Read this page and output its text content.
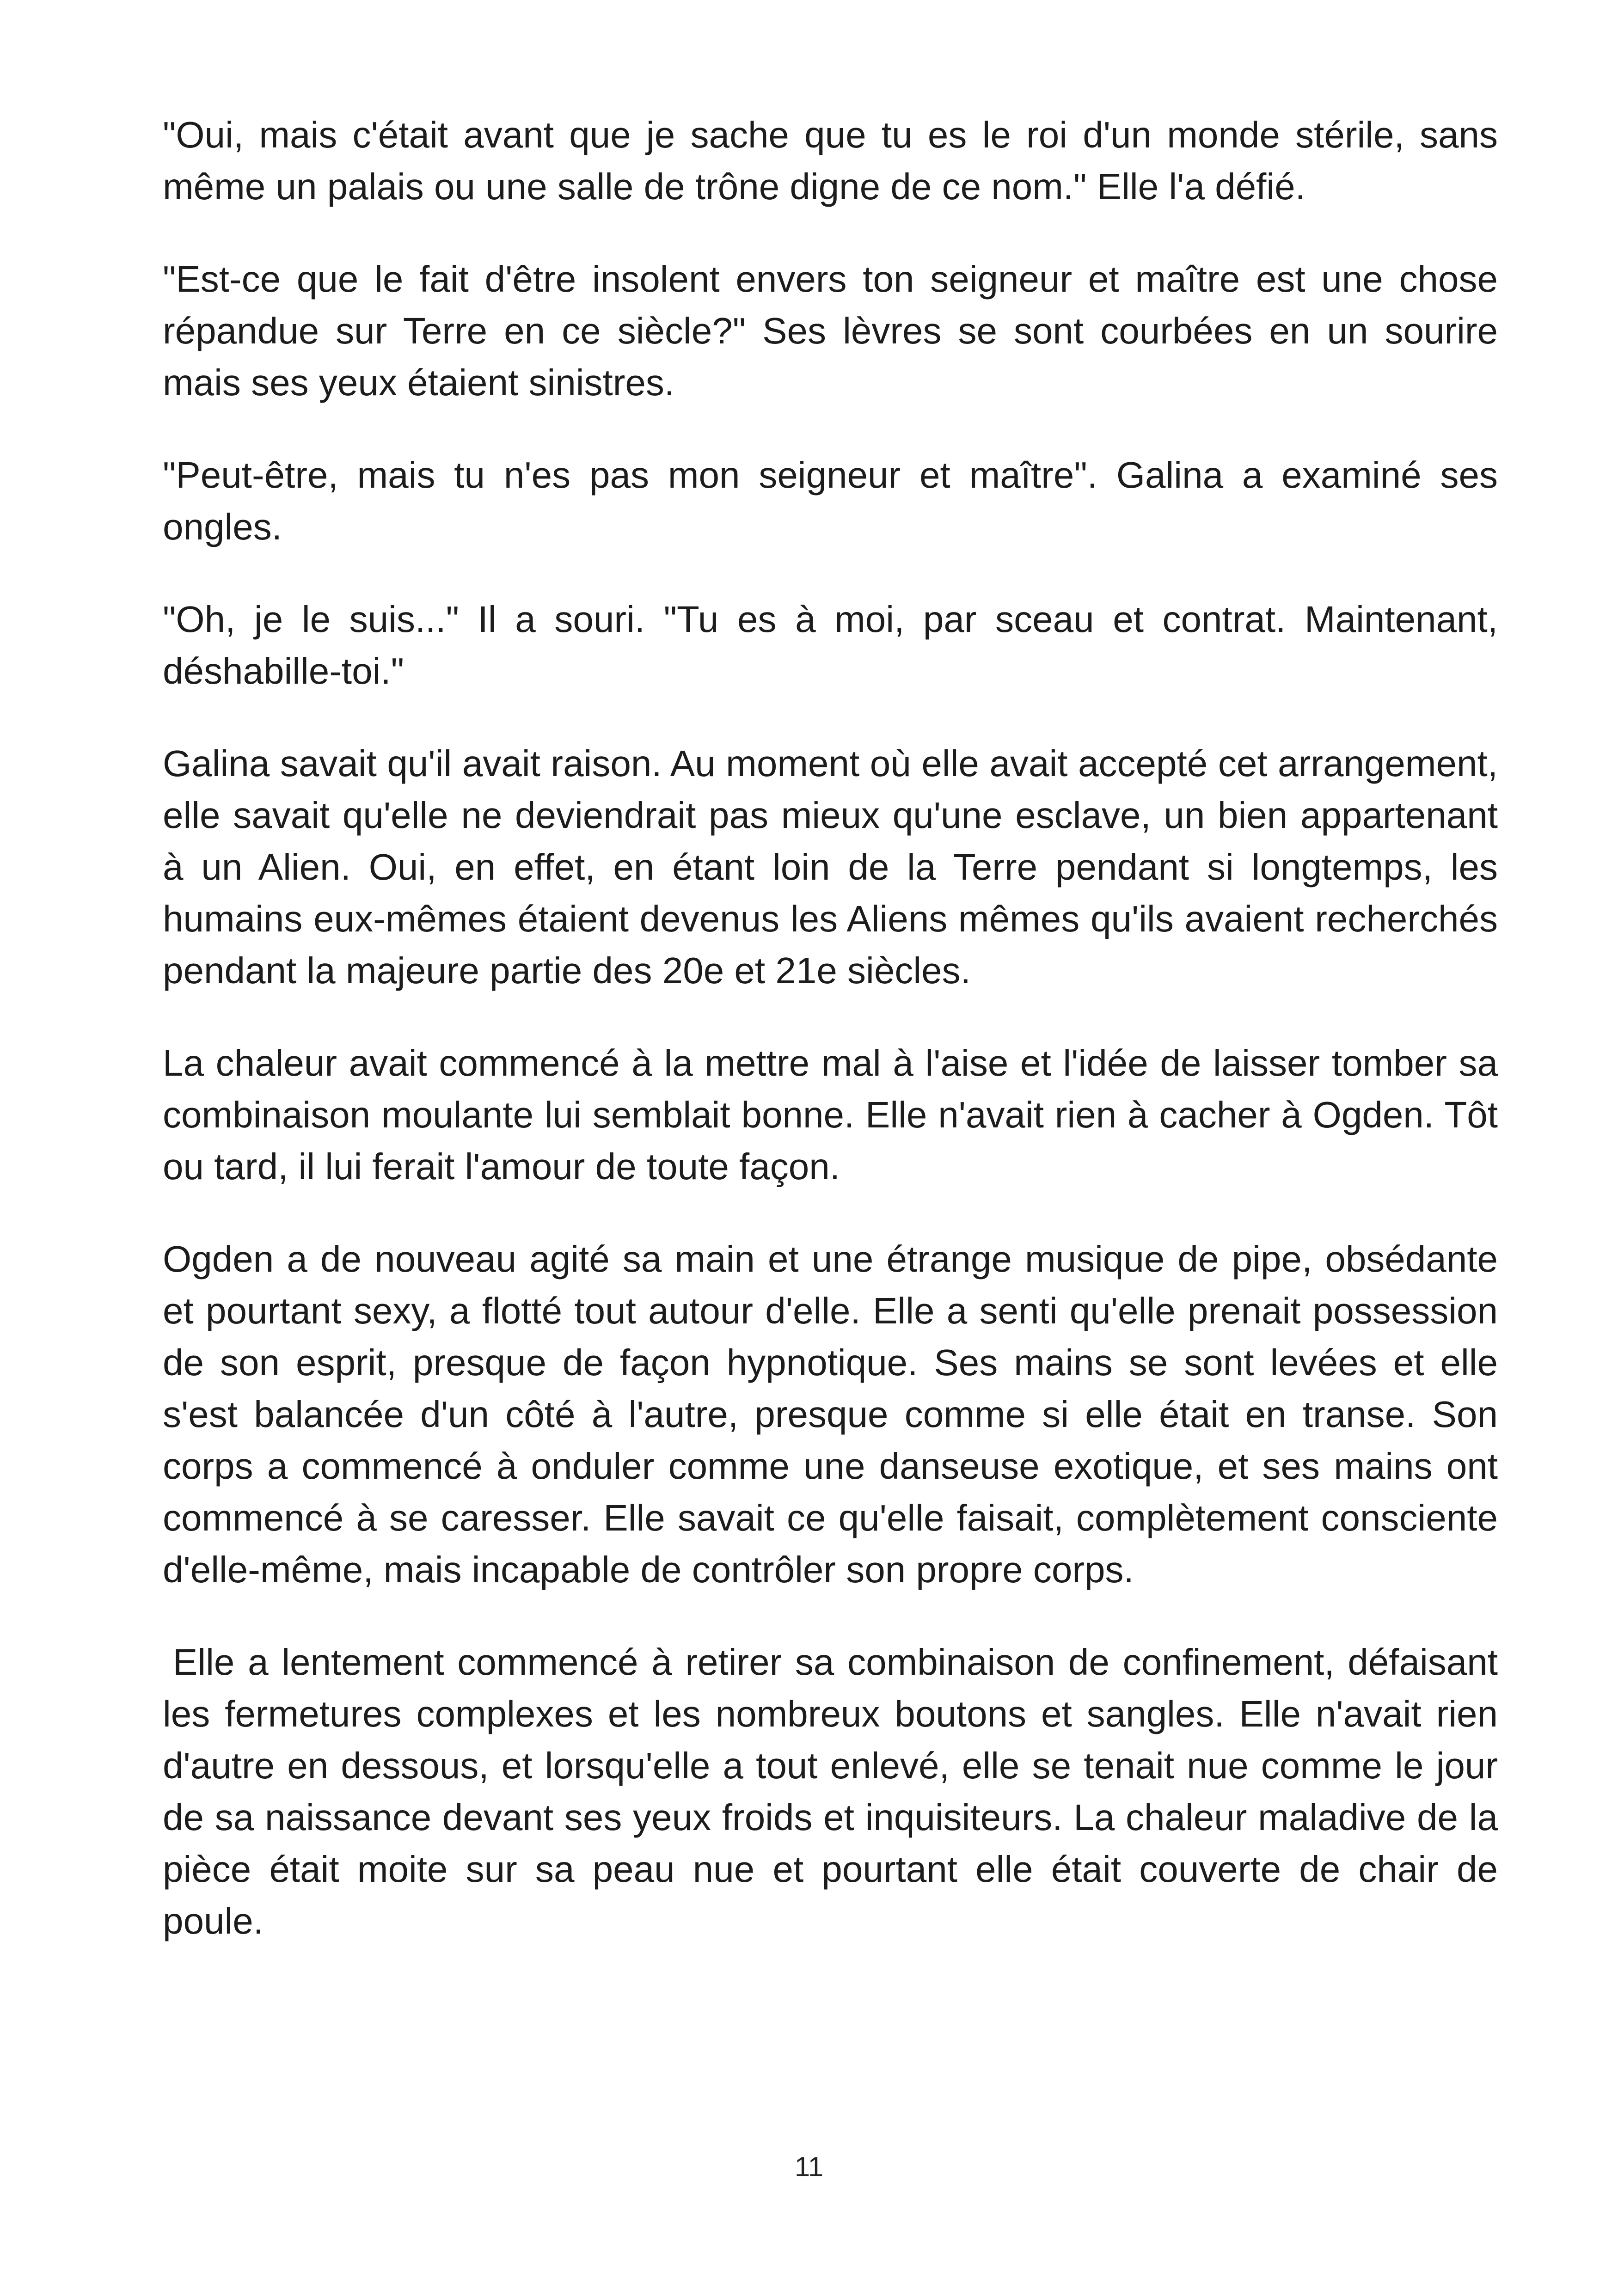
"Oui, mais c'était avant que je sache que tu es le roi d'un monde stérile, sans même un palais ou une salle de trône digne de ce nom." Elle l'a défié.

"Est-ce que le fait d'être insolent envers ton seigneur et maître est une chose répandue sur Terre en ce siècle?" Ses lèvres se sont courbées en un sourire mais ses yeux étaient sinistres.

"Peut-être, mais tu n'es pas mon seigneur et maître". Galina a examiné ses ongles.

"Oh, je le suis..." Il a souri. "Tu es à moi, par sceau et contrat. Maintenant, déshabille-toi."

Galina savait qu'il avait raison. Au moment où elle avait accepté cet arrangement, elle savait qu'elle ne deviendrait pas mieux qu'une esclave, un bien appartenant à un Alien. Oui, en effet, en étant loin de la Terre pendant si longtemps, les humains eux-mêmes étaient devenus les Aliens mêmes qu'ils avaient recherchés pendant la majeure partie des 20e et 21e siècles.

La chaleur avait commencé à la mettre mal à l'aise et l'idée de laisser tomber sa combinaison moulante lui semblait bonne. Elle n'avait rien à cacher à Ogden. Tôt ou tard, il lui ferait l'amour de toute façon.

Ogden a de nouveau agité sa main et une étrange musique de pipe, obsédante et pourtant sexy, a flotté tout autour d'elle. Elle a senti qu'elle prenait possession de son esprit, presque de façon hypnotique. Ses mains se sont levées et elle s'est balancée d'un côté à l'autre, presque comme si elle était en transe. Son corps a commencé à onduler comme une danseuse exotique, et ses mains ont commencé à se caresser. Elle savait ce qu'elle faisait, complètement consciente d'elle-même, mais incapable de contrôler son propre corps.

Elle a lentement commencé à retirer sa combinaison de confinement, défaisant les fermetures complexes et les nombreux boutons et sangles. Elle n'avait rien d'autre en dessous, et lorsqu'elle a tout enlevé, elle se tenait nue comme le jour de sa naissance devant ses yeux froids et inquisiteurs. La chaleur maladive de la pièce était moite sur sa peau nue et pourtant elle était couverte de chair de poule.

11
